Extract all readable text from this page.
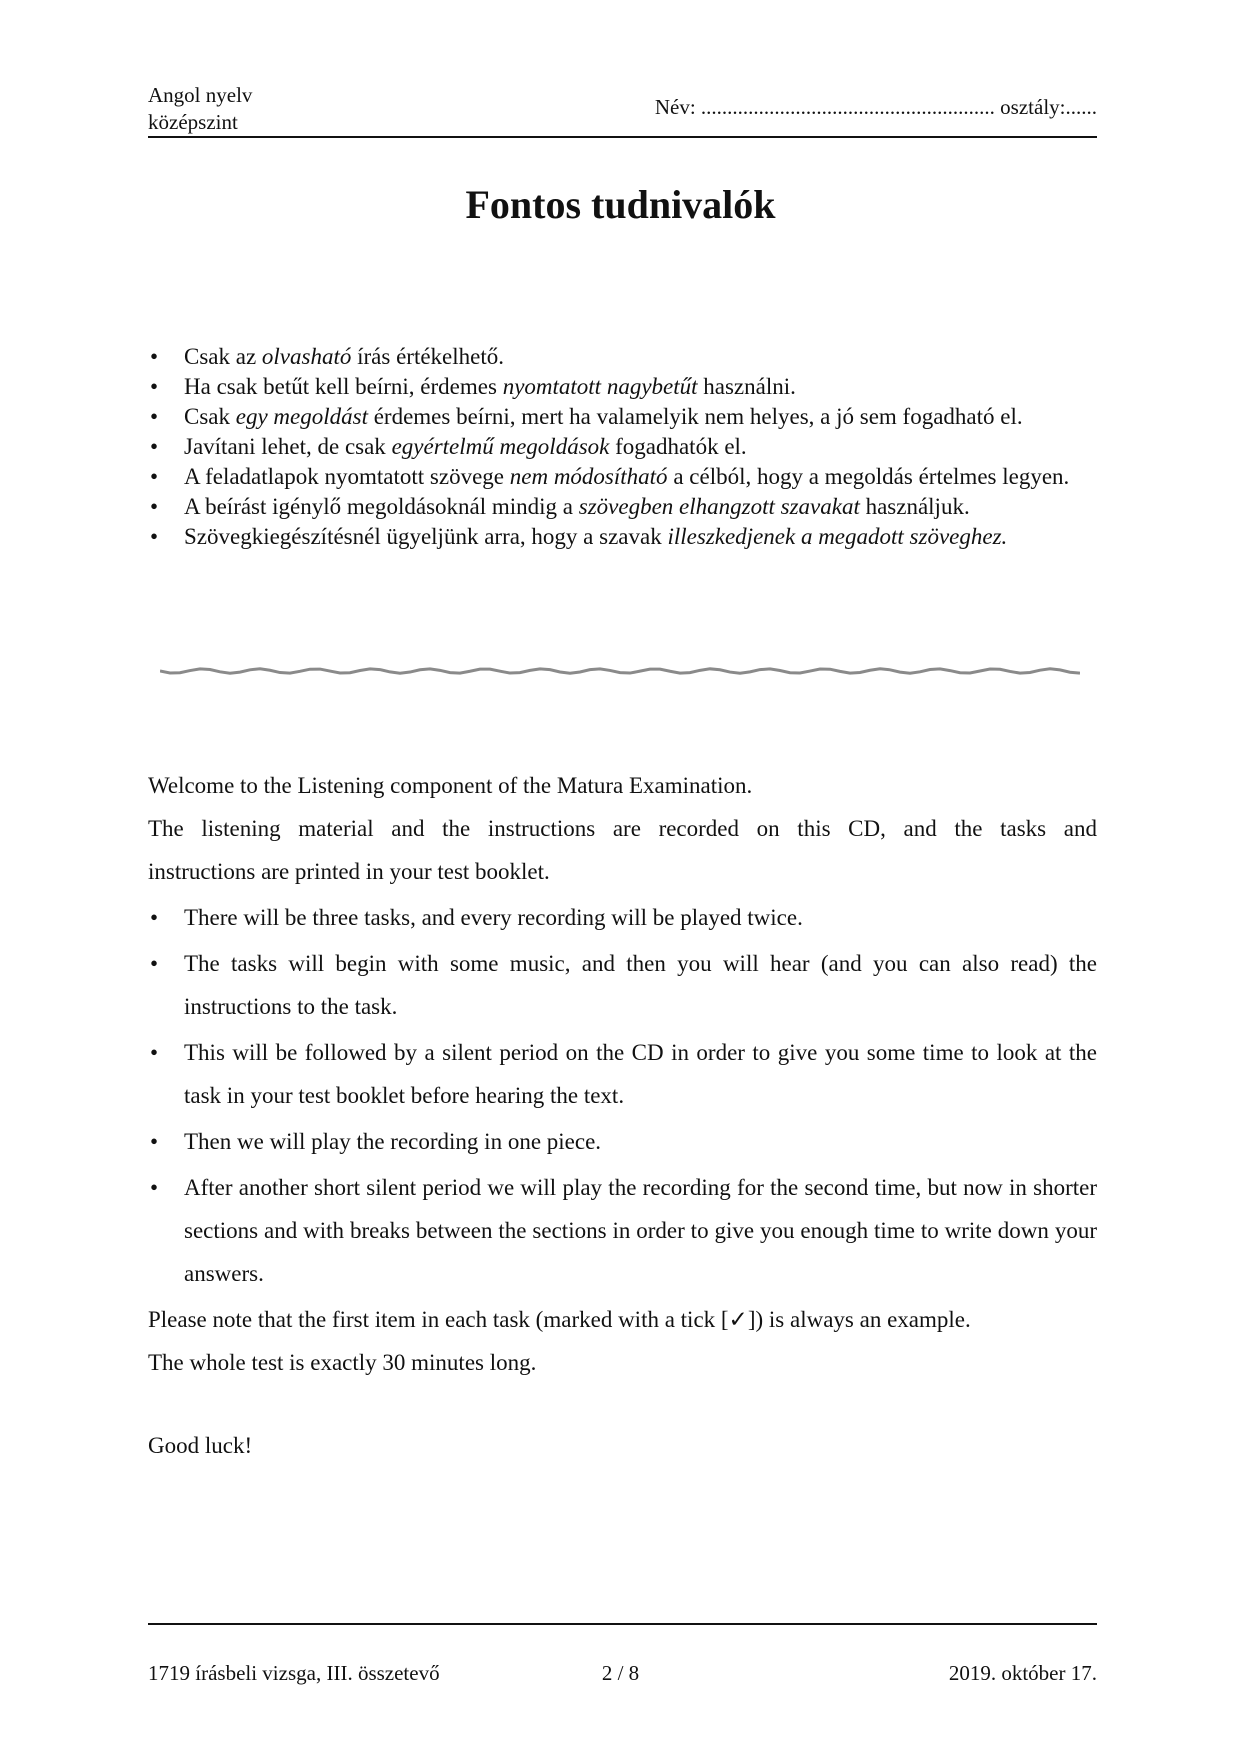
Angol nyelv
középszint
Név: ........................................................ osztály:......
Fontos tudnivalók
• Csak az olvasható írás értékelhető.
• Ha csak betűt kell beírni, érdemes nyomtatott nagybetűt használni.
• Csak egy megoldást érdemes beírni, mert ha valamelyik nem helyes, a jó sem fogadható el.
• Javítani lehet, de csak egyértelmű megoldások fogadhatók el.
• A feladatlapok nyomtatott szövege nem módosítható a célból, hogy a megoldás értelmes legyen.
• A beírást igénylő megoldásoknál mindig a szövegben elhangzott szavakat használjuk.
• Szövegkiegészítésnél ügyeljünk arra, hogy a szavak illeszkedjenek a megadott szöveghez.

Welcome to the Listening component of the Matura Examination.

The listening material and the instructions are recorded on this CD, and the tasks and
instructions are printed in your test booklet.

• There will be three tasks, and every recording will be played twice.
• The tasks will begin with some music, and then you will hear (and you can also read) the instructions to the task.
• This will be followed by a silent period on the CD in order to give you some time to look at the task in your test booklet before hearing the text.
• Then we will play the recording in one piece.
• After another short silent period we will play the recording for the second time, but now in shorter sections and with breaks between the sections in order to give you enough time to write down your answers.

Please note that the first item in each task (marked with a tick [✓]) is always an example.

The whole test is exactly 30 minutes long.

Good luck!
1719 írásbeli vizsga, III. összetevő	2 / 8	2019. október 17.
